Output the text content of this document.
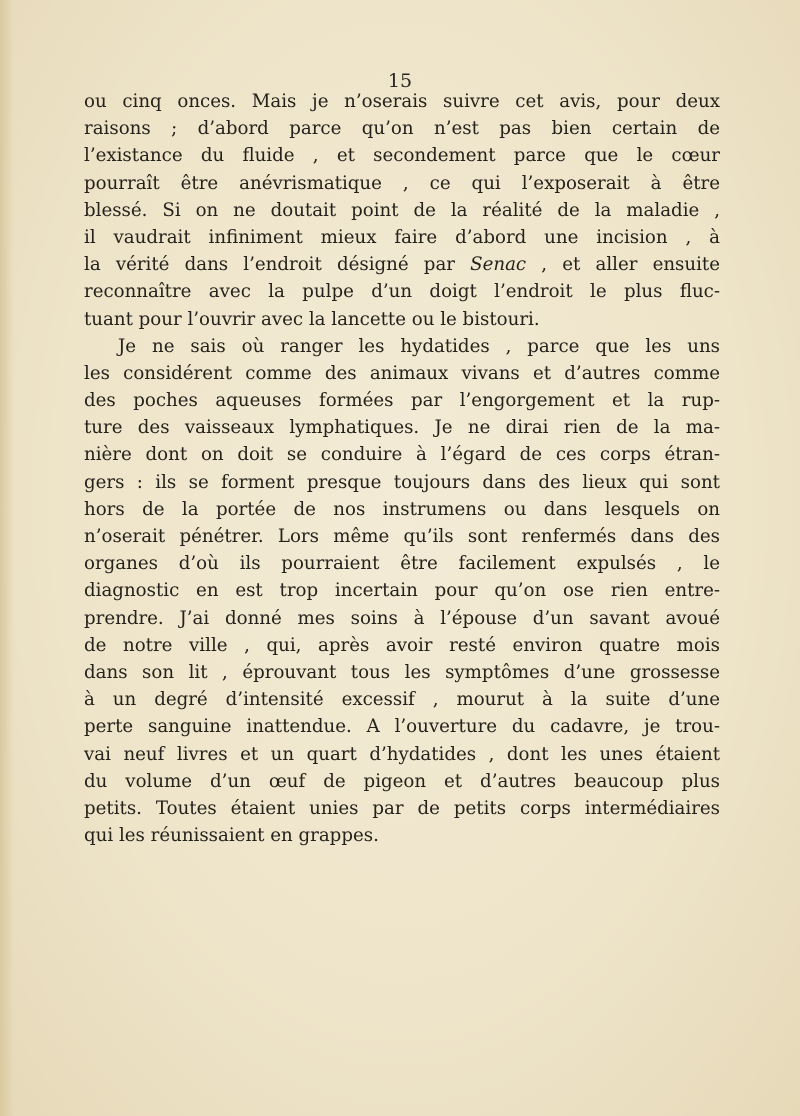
15
ou cinq onces. Mais je n’oserais suivre cet avis, pour deux
raisons ; d’abord parce qu’on n’est pas bien certain de
l’existance du fluide , et secondement parce que le cœur
pourraît être anévrismatique , ce qui l’exposerait à être
blessé. Si on ne doutait point de la réalité de la maladie ,
il vaudrait infiniment mieux faire d’abord une incision , à
la vérité dans l’endroit désigné par Senac , et aller ensuite
reconnaître avec la pulpe d’un doigt l’endroit le plus fluc-
tuant pour l’ouvrir avec la lancette ou le bistouri.
Je ne sais où ranger les hydatides , parce que les uns
les considérent comme des animaux vivans et d’autres comme
des poches aqueuses formées par l’engorgement et la rup-
ture des vaisseaux lymphatiques. Je ne dirai rien de la ma-
nière dont on doit se conduire à l’égard de ces corps étran-
gers : ils se forment presque toujours dans des lieux qui sont
hors de la portée de nos instrumens ou dans lesquels on
n’oserait pénétrer. Lors même qu’ils sont renfermés dans des
organes d’où ils pourraient être facilement expulsés , le
diagnostic en est trop incertain pour qu’on ose rien entre-
prendre. J’ai donné mes soins à l’épouse d’un savant avoué
de notre ville , qui, après avoir resté environ quatre mois
dans son lit , éprouvant tous les symptômes d’une grossesse
à un degré d’intensité excessif , mourut à la suite d’une
perte sanguine inattendue. A l’ouverture du cadavre, je trou-
vai neuf livres et un quart d’hydatides , dont les unes étaient
du volume d’un œuf de pigeon et d’autres beaucoup plus
petits. Toutes étaient unies par de petits corps intermédiaires
qui les réunissaient en grappes.
